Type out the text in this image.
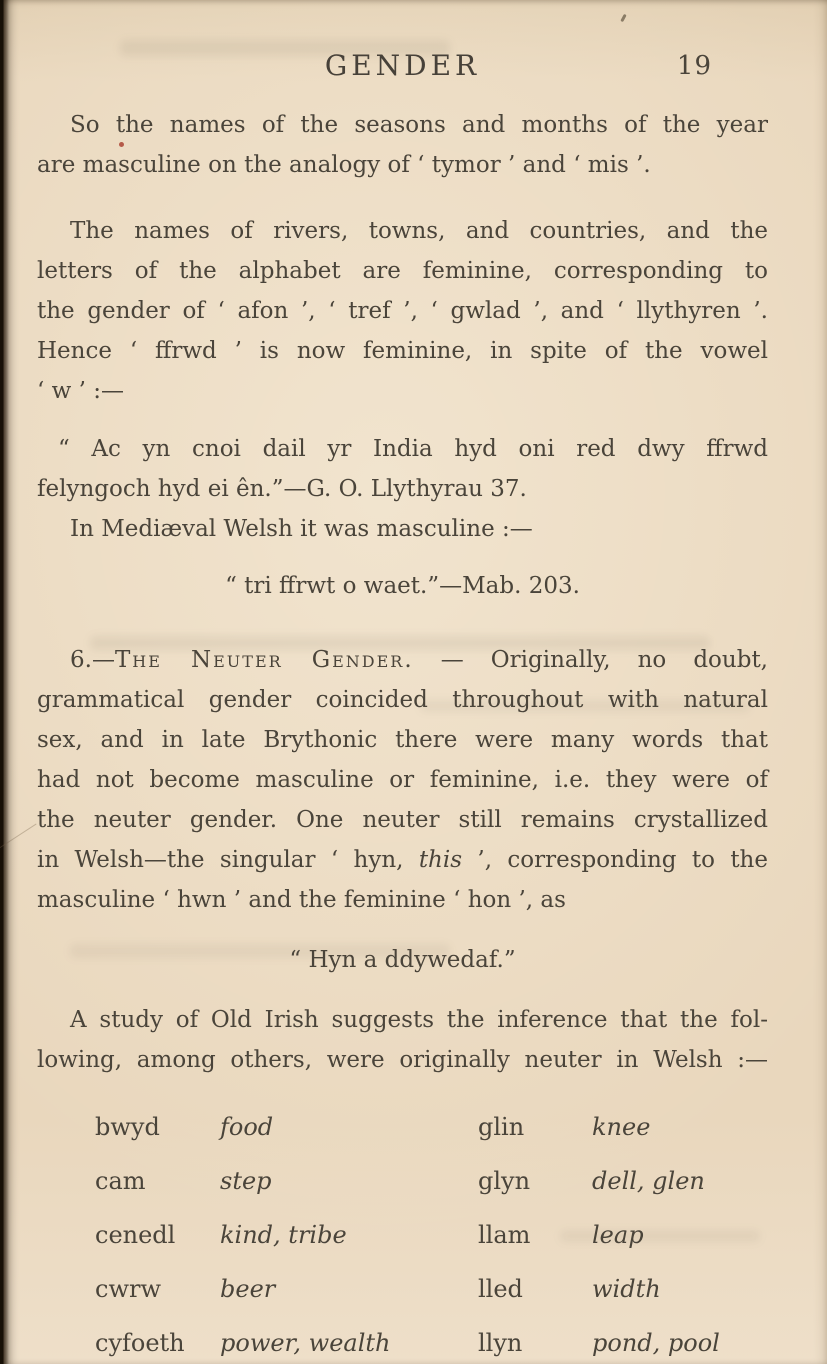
GENDER	19
So the names of the seasons and months of the year
are masculine on the analogy of ‘ tymor ’ and ‘ mis ’.
The names of rivers, towns, and countries, and the
letters of the alphabet are feminine, corresponding to
the gender of ‘ afon ’, ‘ tref ’, ‘ gwlad ’, and ‘ llythyren ’.
Hence ‘ ffrwd ’ is now feminine, in spite of the vowel
‘ w ’ :—
“ Ac yn cnoi dail yr India hyd oni red dwy ffrwd
felyngoch hyd ei ên.”—G. O. Llythyrau 37.
In Mediæval Welsh it was masculine :—
“ tri ffrwt o waet.”—Mab. 203.
6.—The Neuter Gender. — Originally, no doubt,
grammatical gender coincided throughout with natural
sex, and in late Brythonic there were many words that
had not become masculine or feminine, i.e. they were of
the neuter gender. One neuter still remains crystallized
in Welsh—the singular ‘ hyn, this ’, corresponding to the
masculine ‘ hwn ’ and the feminine ‘ hon ’, as
“ Hyn a ddywedaf.”
A study of Old Irish suggests the inference that the fol-
lowing, among others, were originally neuter in Welsh :—
bwyd	food	glin	knee
cam	step	glyn	dell, glen
cenedl	kind, tribe	llam	leap
cwrw	beer	lled	width
cyfoeth	power, wealth	llyn	pond, pool
